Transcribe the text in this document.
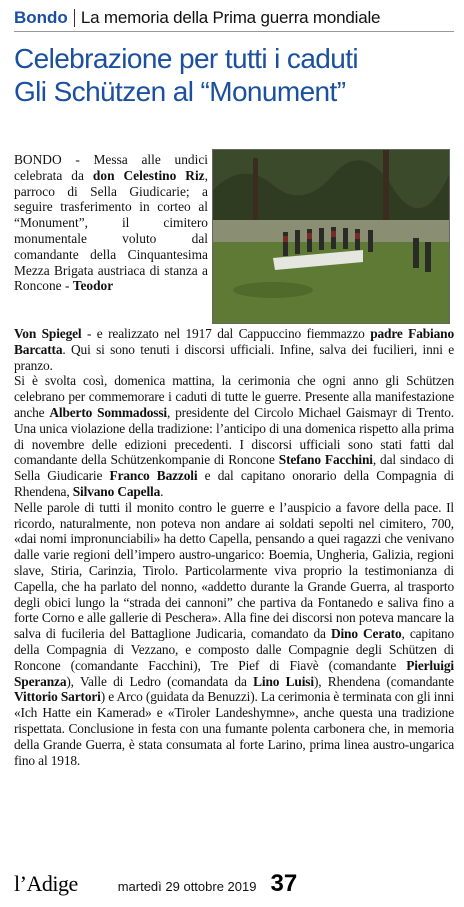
Bondo La memoria della Prima guerra mondiale
Celebrazione per tutti i caduti
Gli Schützen al “Monument”
BONDO - Messa alle undici celebrata da don Celestino Riz, parroco di Sella Giudicarie; a seguire trasferimento in corteo al “Monument”, il cimitero monumentale voluto dal comandante della Cinquantesima Mezza Brigata austriaca di stanza a Roncone - Teodor

Von Spiegel - e realizzato nel 1917 dal Cappuccino fiemmazzo padre Fabiano Barcatta. Qui si sono tenuti i discorsi ufficiali. Infine, salva dei fucilieri, inni e pranzo.

Si è svolta così, domenica mattina, la cerimonia che ogni anno gli Schützen celebrano per commemorare i caduti di tutte le guerre. Presente alla manifestazione anche Alberto Sommadossi, presidente del Circolo Michael Gaismayr di Trento. Una unica violazione della tradizione: l’anticipo di una domenica rispetto alla prima di novembre delle edizioni precedenti. I discorsi ufficiali sono stati fatti dal comandante della Schützenkompanie di Roncone Stefano Facchini, dal sindaco di Sella Giudicarie Franco Bazzoli e dal capitano onorario della Compagnia di Rhendena, Silvano Capella.

Nelle parole di tutti il monito contro le guerre e l’auspicio a favore della pace. Il ricordo, naturalmente, non poteva non andare ai soldati sepolti nel cimitero, 700, «dai nomi impronunciabili» ha detto Capella, pensando a quei ragazzi che venivano dalle varie regioni dell’impero austro-ungarico: Boemia, Ungheria, Galizia, regioni slave, Stiria, Carinzia, Tirolo. Particolarmente viva proprio la testimonianza di Capella, che ha parlato del nonno, «addetto durante la Grande Guerra, al trasporto degli obici lungo la “strada dei cannoni” che partiva da Fontanedo e saliva fino a forte Corno e alle gallerie di Peschera». Alla fine dei discorsi non poteva mancare la salva di fucileria del Battaglione Judicaria, comandato da Dino Cerato, capitano della Compagnia di Vezzano, e composto dalle Compagnie degli Schützen di Roncone (comandante Facchini), Tre Pief di Fiavè (comandante Pierluigi Speranza), Valle di Ledro (comandata da Lino Luisi), Rhendena (comandante Vittorio Sartori) e Arco (guidata da Benuzzi). La cerimonia è terminata con gli inni «Ich Hatte ein Kamerad» e «Tiroler Landeshymne», anche questa una tradizione rispettata. Conclusione in festa con una fumante polenta carbonera che, in memoria della Grande Guerra, è stata consumata al forte Larino, prima linea austro-ungarica fino al 1918.

l’Adige	martedì 29 ottobre 2019 37
